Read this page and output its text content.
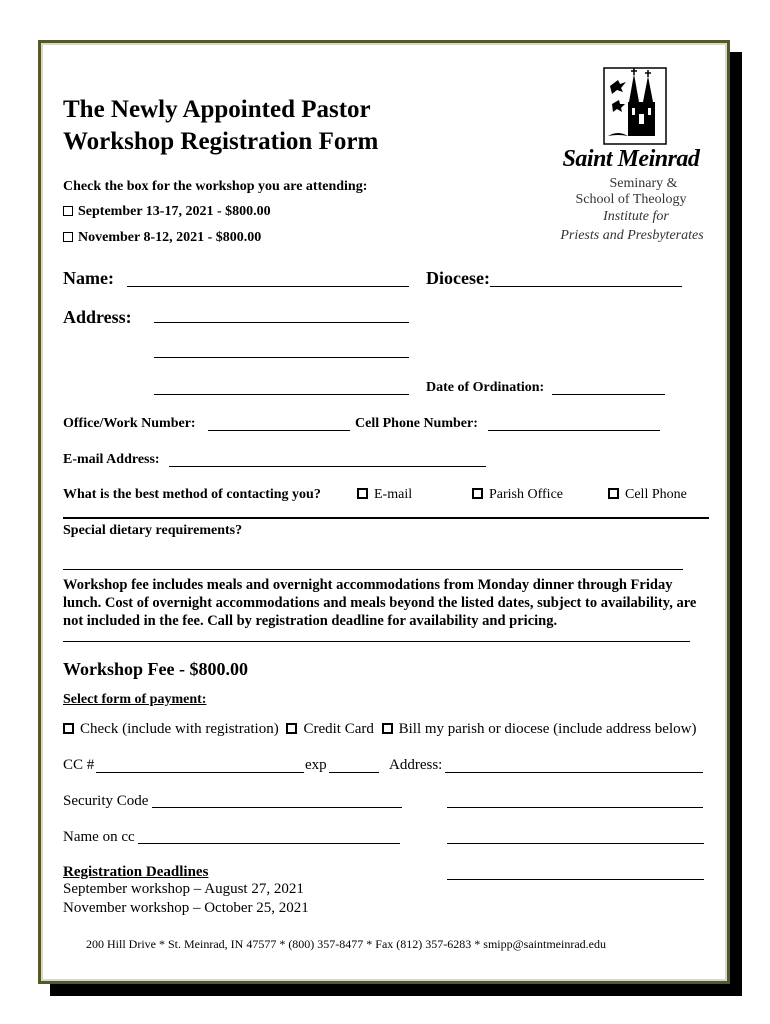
The Newly Appointed Pastor
Workshop Registration Form
Saint Meinrad
Seminary &
School of Theology
Institute for
Priests and Presbyterates
Check the box for the workshop you are attending:
September 13-17, 2021 - $800.00
November 8-12, 2021 - $800.00
Name:	Diocese:
Address:
Date of Ordination:
Office/Work Number:	Cell Phone Number:
E-mail Address:
What is the best method of contacting you?	E-mail	Parish Office	Cell Phone
Special dietary requirements?
Workshop fee includes meals and overnight accommodations from Monday dinner through Friday lunch. Cost of overnight accommodations and meals beyond the listed dates, subject to availability, are not included in the fee. Call by registration deadline for availability and pricing.
Workshop Fee - $800.00
Select form of payment:
Check (include with registration) Credit Card Bill my parish or diocese (include address below)
CC #	exp	Address:
Security Code
Name on cc
Registration Deadlines
September workshop – August 27, 2021
November workshop – October 25, 2021
200 Hill Drive * St. Meinrad, IN 47577 * (800) 357-8477 * Fax (812) 357-6283 * smipp@saintmeinrad.edu
